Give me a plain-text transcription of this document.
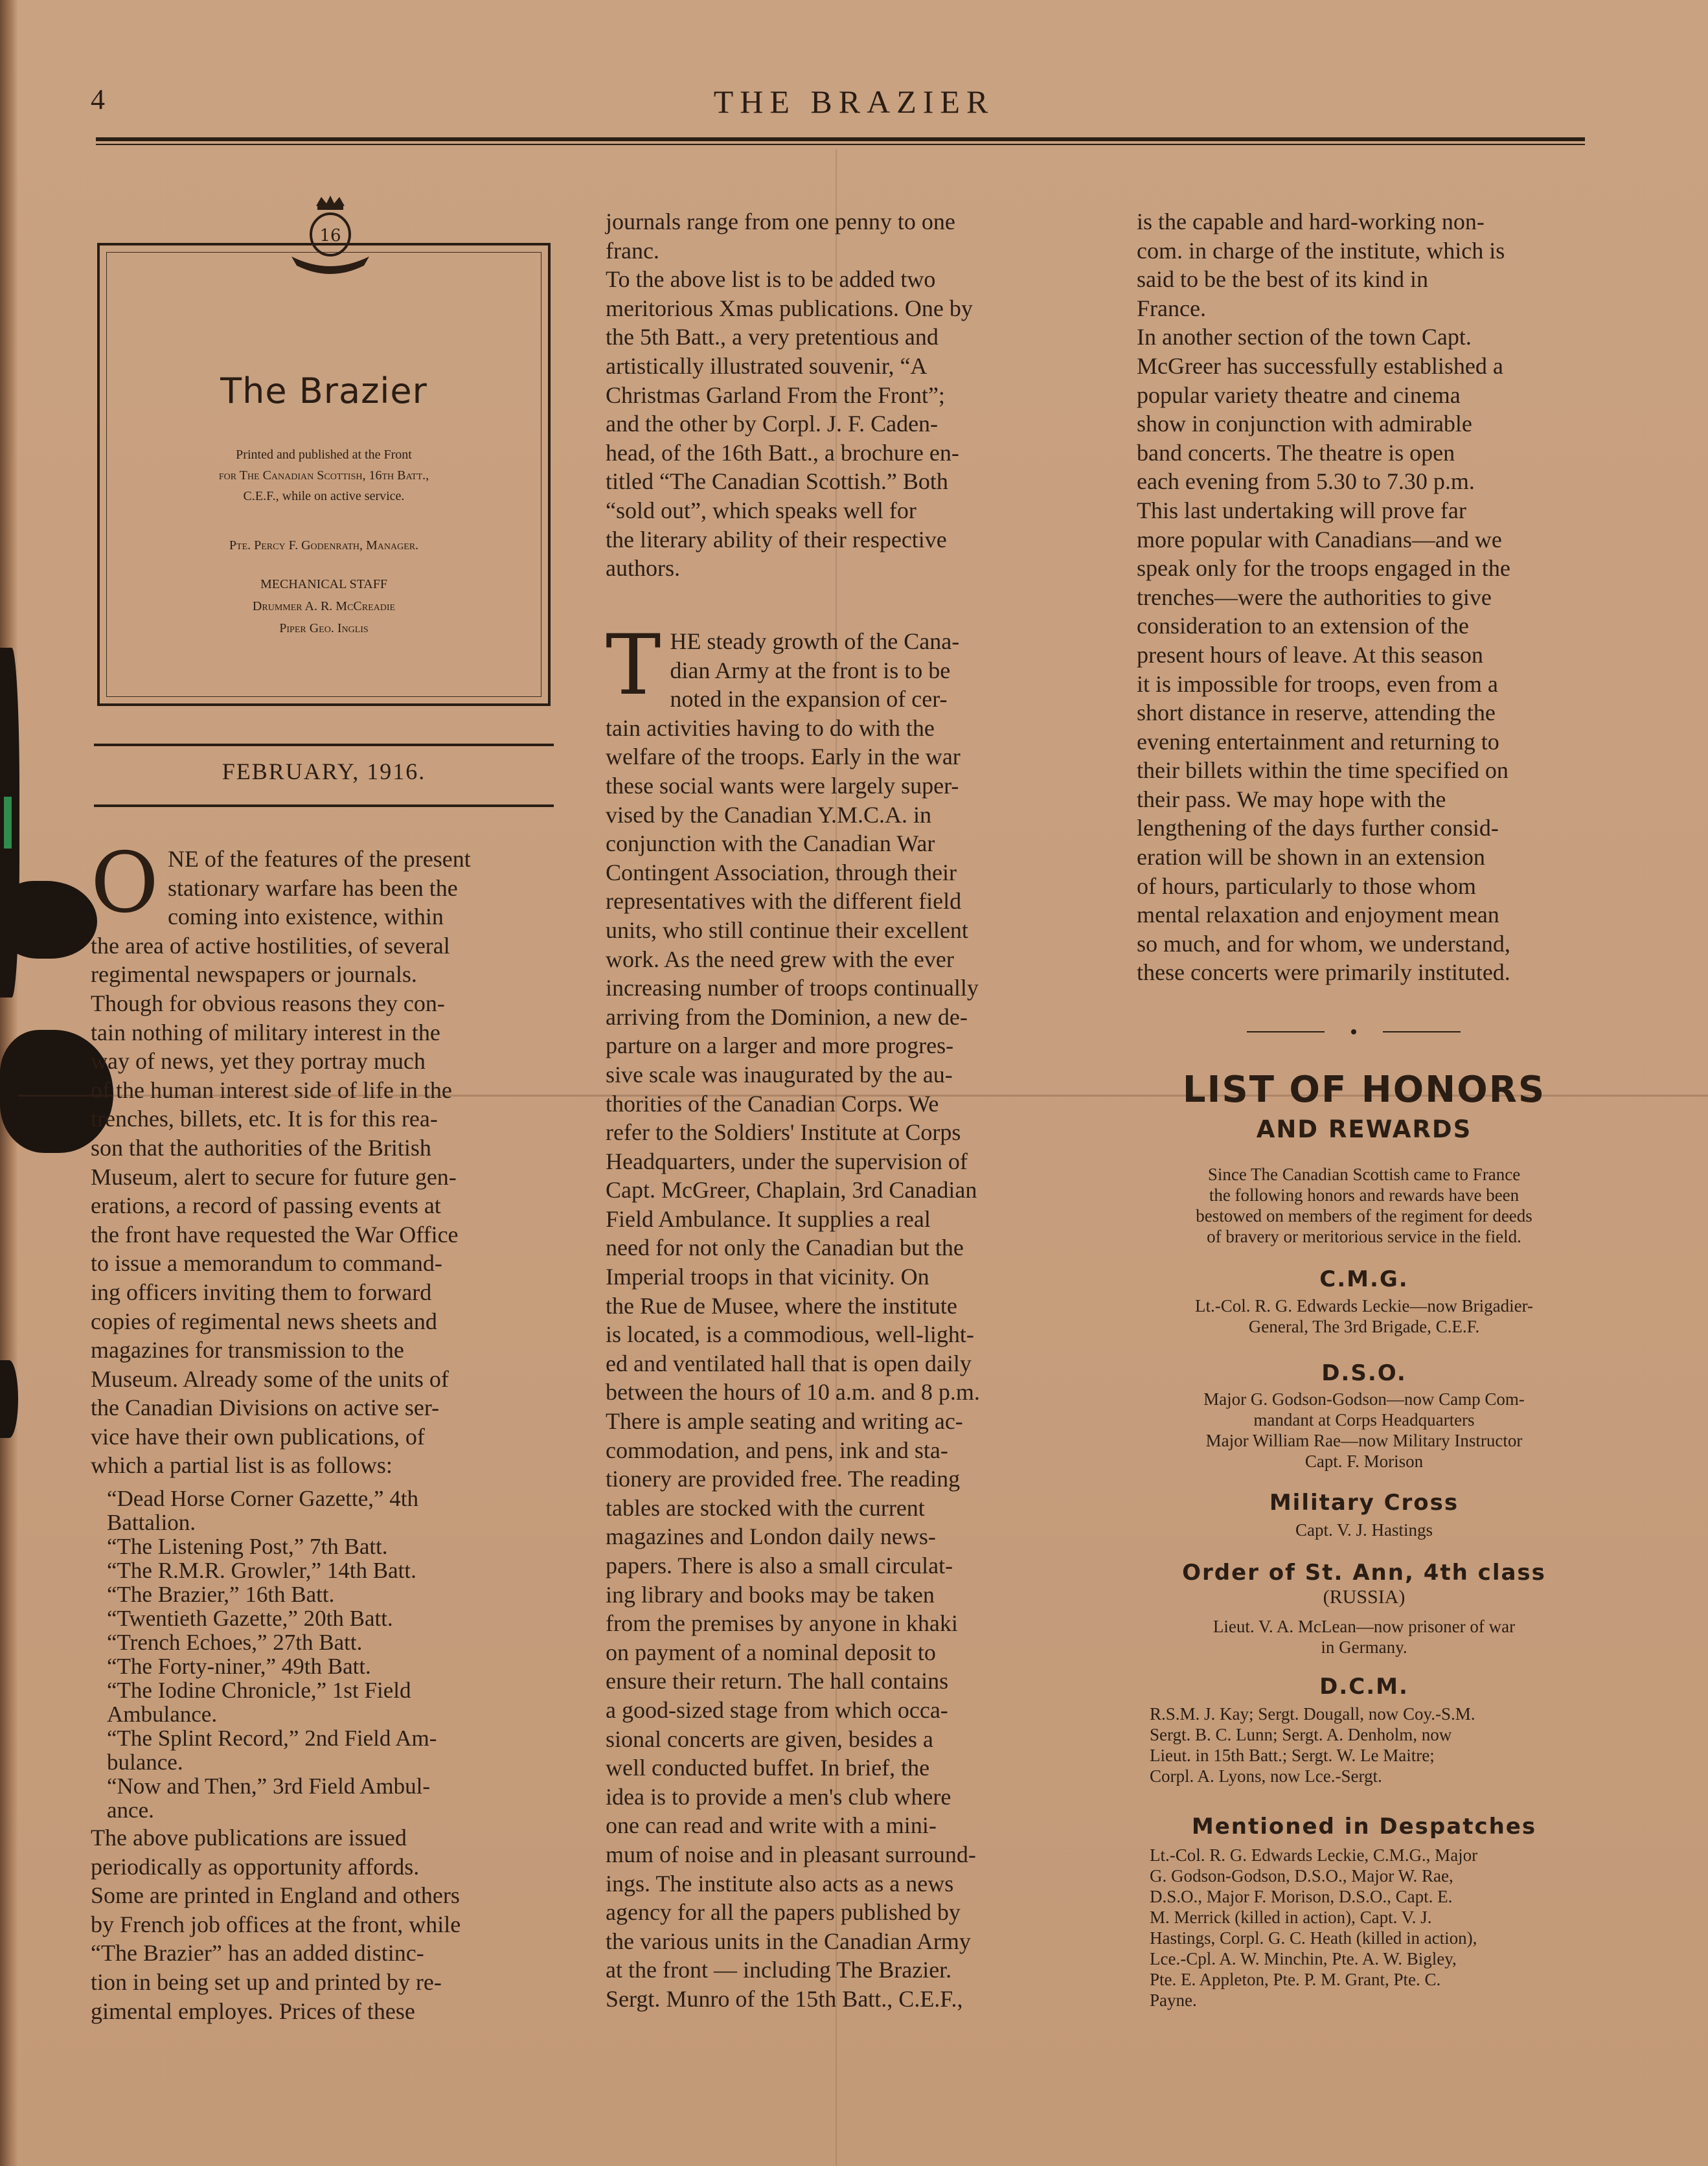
4	THE BRAZIER
16
The Brazier
Printed and published at the Front
for The Canadian Scottish, 16th Batt.,
C.E.F., while on active service.
Pte. Percy F. Godenrath, Manager.
MECHANICAL STAFF
Drummer A. R. McCreadie
Piper Geo. Inglis
FEBRUARY, 1916.
O NE of the features of the present
stationary warfare has been the
coming into existence, within
the area of active hostilities, of several
regimental newspapers or journals.
Though for obvious reasons they con-
tain nothing of military interest in the
way of news, yet they portray much
of the human interest side of life in the
trenches, billets, etc. It is for this rea-
son that the authorities of the British
Museum, alert to secure for future gen-
erations, a record of passing events at
the front have requested the War Office
to issue a memorandum to command-
ing officers inviting them to forward
copies of regimental news sheets and
magazines for transmission to the
Museum. Already some of the units of
the Canadian Divisions on active ser-
vice have their own publications, of
which a partial list is as follows:
“Dead Horse Corner Gazette,” 4th
Battalion.
“The Listening Post,” 7th Batt.
“The R.M.R. Growler,” 14th Batt.
“The Brazier,” 16th Batt.
“Twentieth Gazette,” 20th Batt.
“Trench Echoes,” 27th Batt.
“The Forty-niner,” 49th Batt.
“The Iodine Chronicle,” 1st Field
Ambulance.
“The Splint Record,” 2nd Field Am-
bulance.
“Now and Then,” 3rd Field Ambul-
ance.
The above publications are issued
periodically as opportunity affords.
Some are printed in England and others
by French job offices at the front, while
“The Brazier” has an added distinc-
tion in being set up and printed by re-
gimental employes. Prices of these
journals range from one penny to one
franc.
To the above list is to be added two
meritorious Xmas publications. One by
the 5th Batt., a very pretentious and
artistically illustrated souvenir, “A
Christmas Garland From the Front”;
and the other by Corpl. J. F. Caden-
head, of the 16th Batt., a brochure en-
titled “The Canadian Scottish.” Both
“sold out”, which speaks well for
the literary ability of their respective
authors.
T HE steady growth of the Cana-
dian Army at the front is to be
noted in the expansion of cer-
tain activities having to do with the
welfare of the troops. Early in the war
these social wants were largely super-
vised by the Canadian Y.M.C.A. in
conjunction with the Canadian War
Contingent Association, through their
representatives with the different field
units, who still continue their excellent
work. As the need grew with the ever
increasing number of troops continually
arriving from the Dominion, a new de-
parture on a larger and more progres-
sive scale was inaugurated by the au-
thorities of the Canadian Corps. We
refer to the Soldiers' Institute at Corps
Headquarters, under the supervision of
Capt. McGreer, Chaplain, 3rd Canadian
Field Ambulance. It supplies a real
need for not only the Canadian but the
Imperial troops in that vicinity. On
the Rue de Musee, where the institute
is located, is a commodious, well-light-
ed and ventilated hall that is open daily
between the hours of 10 a.m. and 8 p.m.
There is ample seating and writing ac-
commodation, and pens, ink and sta-
tionery are provided free. The reading
tables are stocked with the current
magazines and London daily news-
papers. There is also a small circulat-
ing library and books may be taken
from the premises by anyone in khaki
on payment of a nominal deposit to
ensure their return. The hall contains
a good-sized stage from which occa-
sional concerts are given, besides a
well conducted buffet. In brief, the
idea is to provide a men's club where
one can read and write with a mini-
mum of noise and in pleasant surround-
ings. The institute also acts as a news
agency for all the papers published by
the various units in the Canadian Army
at the front — including The Brazier.
Sergt. Munro of the 15th Batt., C.E.F.,
is the capable and hard-working non-
com. in charge of the institute, which is
said to be the best of its kind in
France.
In another section of the town Capt.
McGreer has successfully established a
popular variety theatre and cinema
show in conjunction with admirable
band concerts. The theatre is open
each evening from 5.30 to 7.30 p.m.
This last undertaking will prove far
more popular with Canadians—and we
speak only for the troops engaged in the
trenches—were the authorities to give
consideration to an extension of the
present hours of leave. At this season
it is impossible for troops, even from a
short distance in reserve, attending the
evening entertainment and returning to
their billets within the time specified on
their pass. We may hope with the
lengthening of the days further consid-
eration will be shown in an extension
of hours, particularly to those whom
mental relaxation and enjoyment mean
so much, and for whom, we understand,
these concerts were primarily instituted.
LIST OF HONORS
AND REWARDS
Since The Canadian Scottish came to France
the following honors and rewards have been
bestowed on members of the regiment for deeds
of bravery or meritorious service in the field.
C.M.G.
Lt.-Col. R. G. Edwards Leckie—now Brigadier-
General, The 3rd Brigade, C.E.F.
D.S.O.
Major G. Godson-Godson—now Camp Com-
mandant at Corps Headquarters
Major William Rae—now Military Instructor
Capt. F. Morison
Military Cross
Capt. V. J. Hastings
Order of St. Ann, 4th class
(RUSSIA)
Lieut. V. A. McLean—now prisoner of war
in Germany.
D.C.M.
R.S.M. J. Kay; Sergt. Dougall, now Coy.-S.M.
Sergt. B. C. Lunn; Sergt. A. Denholm, now
Lieut. in 15th Batt.; Sergt. W. Le Maitre;
Corpl. A. Lyons, now Lce.-Sergt.
Mentioned in Despatches
Lt.-Col. R. G. Edwards Leckie, C.M.G., Major
G. Godson-Godson, D.S.O., Major W. Rae,
D.S.O., Major F. Morison, D.S.O., Capt. E.
M. Merrick (killed in action), Capt. V. J.
Hastings, Corpl. G. C. Heath (killed in action),
Lce.-Cpl. A. W. Minchin, Pte. A. W. Bigley,
Pte. E. Appleton, Pte. P. M. Grant, Pte. C.
Payne.
